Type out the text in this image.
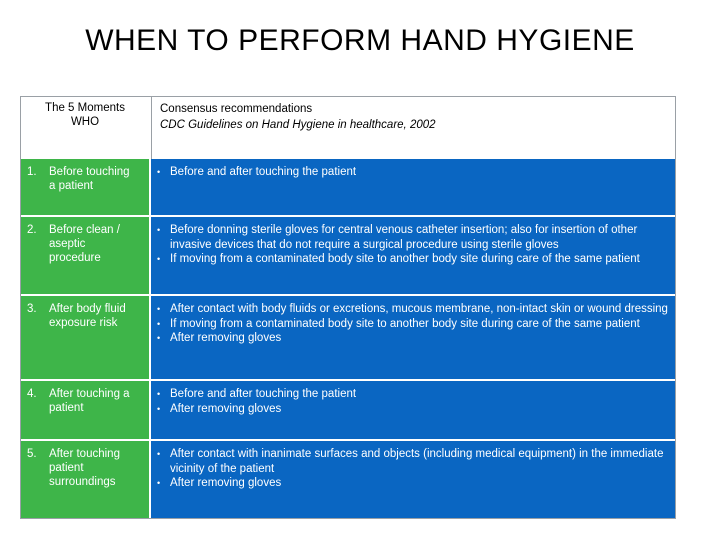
WHEN TO PERFORM HAND HYGIENE
The 5 Moments
WHO
Consensus recommendations
CDC Guidelines on Hand Hygiene in healthcare, 2002
1. Before touching a patient
• Before and after touching the patient
2. Before clean / aseptic procedure
• Before donning sterile gloves for central venous catheter insertion; also for insertion of other invasive devices that do not require a surgical procedure using sterile gloves
• If moving from a contaminated body site to another body site during care of the same patient
3. After body fluid exposure risk
• After contact with body fluids or excretions, mucous membrane, non-intact skin or wound dressing
• If moving from a contaminated body site to another body site during care of the same patient
• After removing gloves
4. After touching a patient
• Before and after touching the patient
• After removing gloves
5. After touching patient surroundings
• After contact with inanimate surfaces and objects (including medical equipment) in the immediate vicinity of the patient
• After removing gloves
